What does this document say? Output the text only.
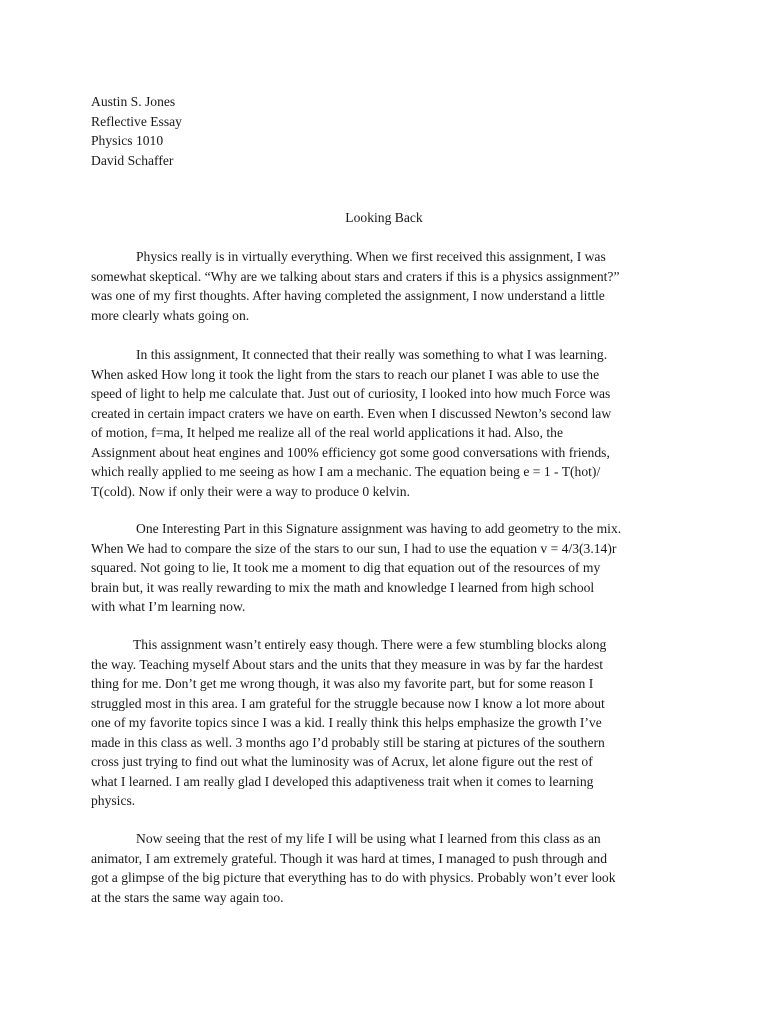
Austin S. Jones
Reflective Essay
Physics 1010
David Schaffer
Looking Back

Physics really is in virtually everything. When we first received this assignment, I was
somewhat skeptical. “Why are we talking about stars and craters if this is a physics assignment?”
was one of my first thoughts. After having completed the assignment, I now understand a little
more clearly whats going on.

In this assignment, It connected that their really was something to what I was learning.
When asked How long it took the light from the stars to reach our planet I was able to use the
speed of light to help me calculate that. Just out of curiosity, I looked into how much Force was
created in certain impact craters we have on earth. Even when I discussed Newton’s second law
of motion, f=ma, It helped me realize all of the real world applications it had. Also, the
Assignment about heat engines and 100% efficiency got some good conversations with friends,
which really applied to me seeing as how I am a mechanic. The equation being e = 1 - T(hot)/
T(cold). Now if only their were a way to produce 0 kelvin.

One Interesting Part in this Signature assignment was having to add geometry to the mix.
When We had to compare the size of the stars to our sun, I had to use the equation v = 4/3(3.14)r
squared. Not going to lie, It took me a moment to dig that equation out of the resources of my
brain but, it was really rewarding to mix the math and knowledge I learned from high school
with what I’m learning now.

This assignment wasn’t entirely easy though. There were a few stumbling blocks along
the way. Teaching myself About stars and the units that they measure in was by far the hardest
thing for me. Don’t get me wrong though, it was also my favorite part, but for some reason I
struggled most in this area. I am grateful for the struggle because now I know a lot more about
one of my favorite topics since I was a kid. I really think this helps emphasize the growth I’ve
made in this class as well. 3 months ago I’d probably still be staring at pictures of the southern
cross just trying to find out what the luminosity was of Acrux, let alone figure out the rest of
what I learned. I am really glad I developed this adaptiveness trait when it comes to learning
physics.

Now seeing that the rest of my life I will be using what I learned from this class as an
animator, I am extremely grateful. Though it was hard at times, I managed to push through and
got a glimpse of the big picture that everything has to do with physics. Probably won’t ever look
at the stars the same way again too.
